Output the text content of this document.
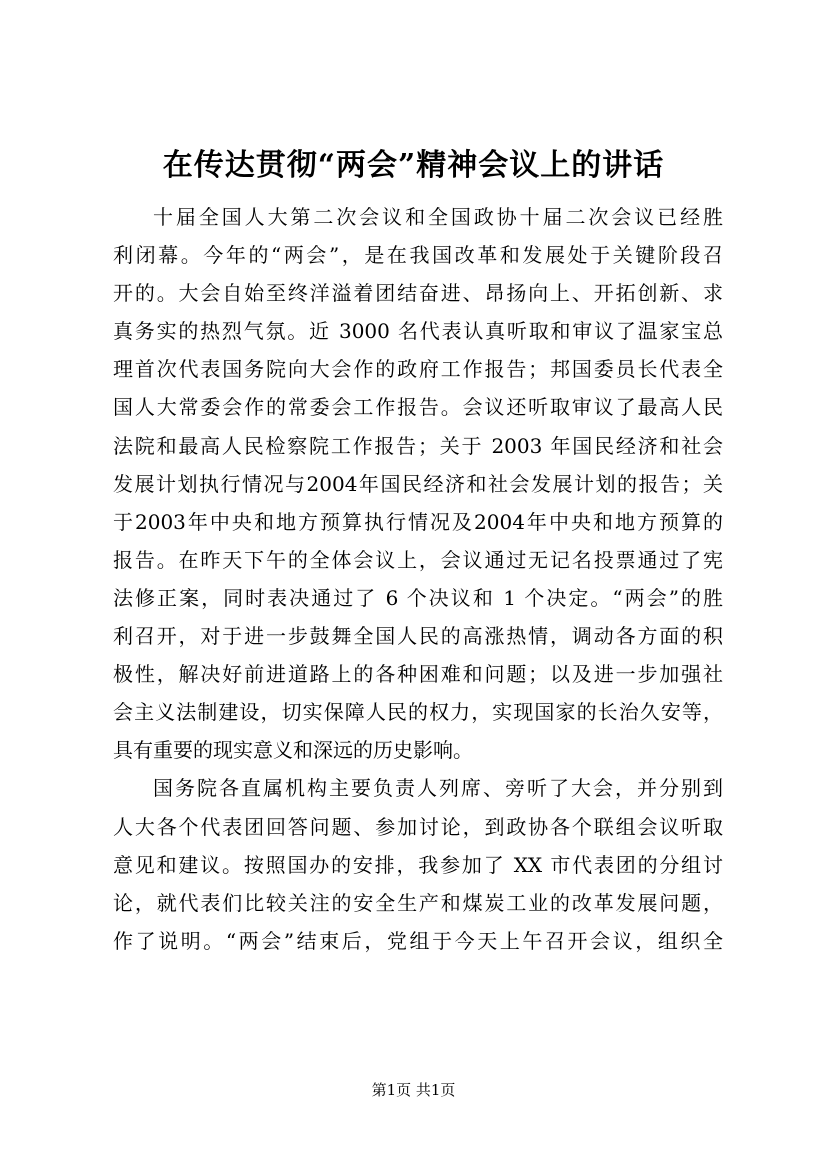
在传达贯彻“两会”精神会议上的讲话
十届全国人大第二次会议和全国政协十届二次会议已经胜
利闭幕。今年的“两会”，是在我国改革和发展处于关键阶段召
开的。大会自始至终洋溢着团结奋进、昂扬向上、开拓创新、求
真务实的热烈气氛。近 3000 名代表认真听取和审议了温家宝总
理首次代表国务院向大会作的政府工作报告；邦国委员长代表全
国人大常委会作的常委会工作报告。会议还听取审议了最高人民
法院和最高人民检察院工作报告；关于 2003 年国民经济和社会
发展计划执行情况与2004年国民经济和社会发展计划的报告；关
于2003年中央和地方预算执行情况及2004年中央和地方预算的
报告。在昨天下午的全体会议上，会议通过无记名投票通过了宪
法修正案，同时表决通过了 6 个决议和 1 个决定。“两会”的胜
利召开，对于进一步鼓舞全国人民的高涨热情，调动各方面的积
极性，解决好前进道路上的各种困难和问题；以及进一步加强社
会主义法制建设，切实保障人民的权力，实现国家的长治久安等，
具有重要的现实意义和深远的历史影响。
国务院各直属机构主要负责人列席、旁听了大会，并分别到
人大各个代表团回答问题、参加讨论，到政协各个联组会议听取
意见和建议。按照国办的安排，我参加了 XX 市代表团的分组讨
论，就代表们比较关注的安全生产和煤炭工业的改革发展问题，
作了说明。“两会”结束后，党组于今天上午召开会议，组织全
第1页 共1页
